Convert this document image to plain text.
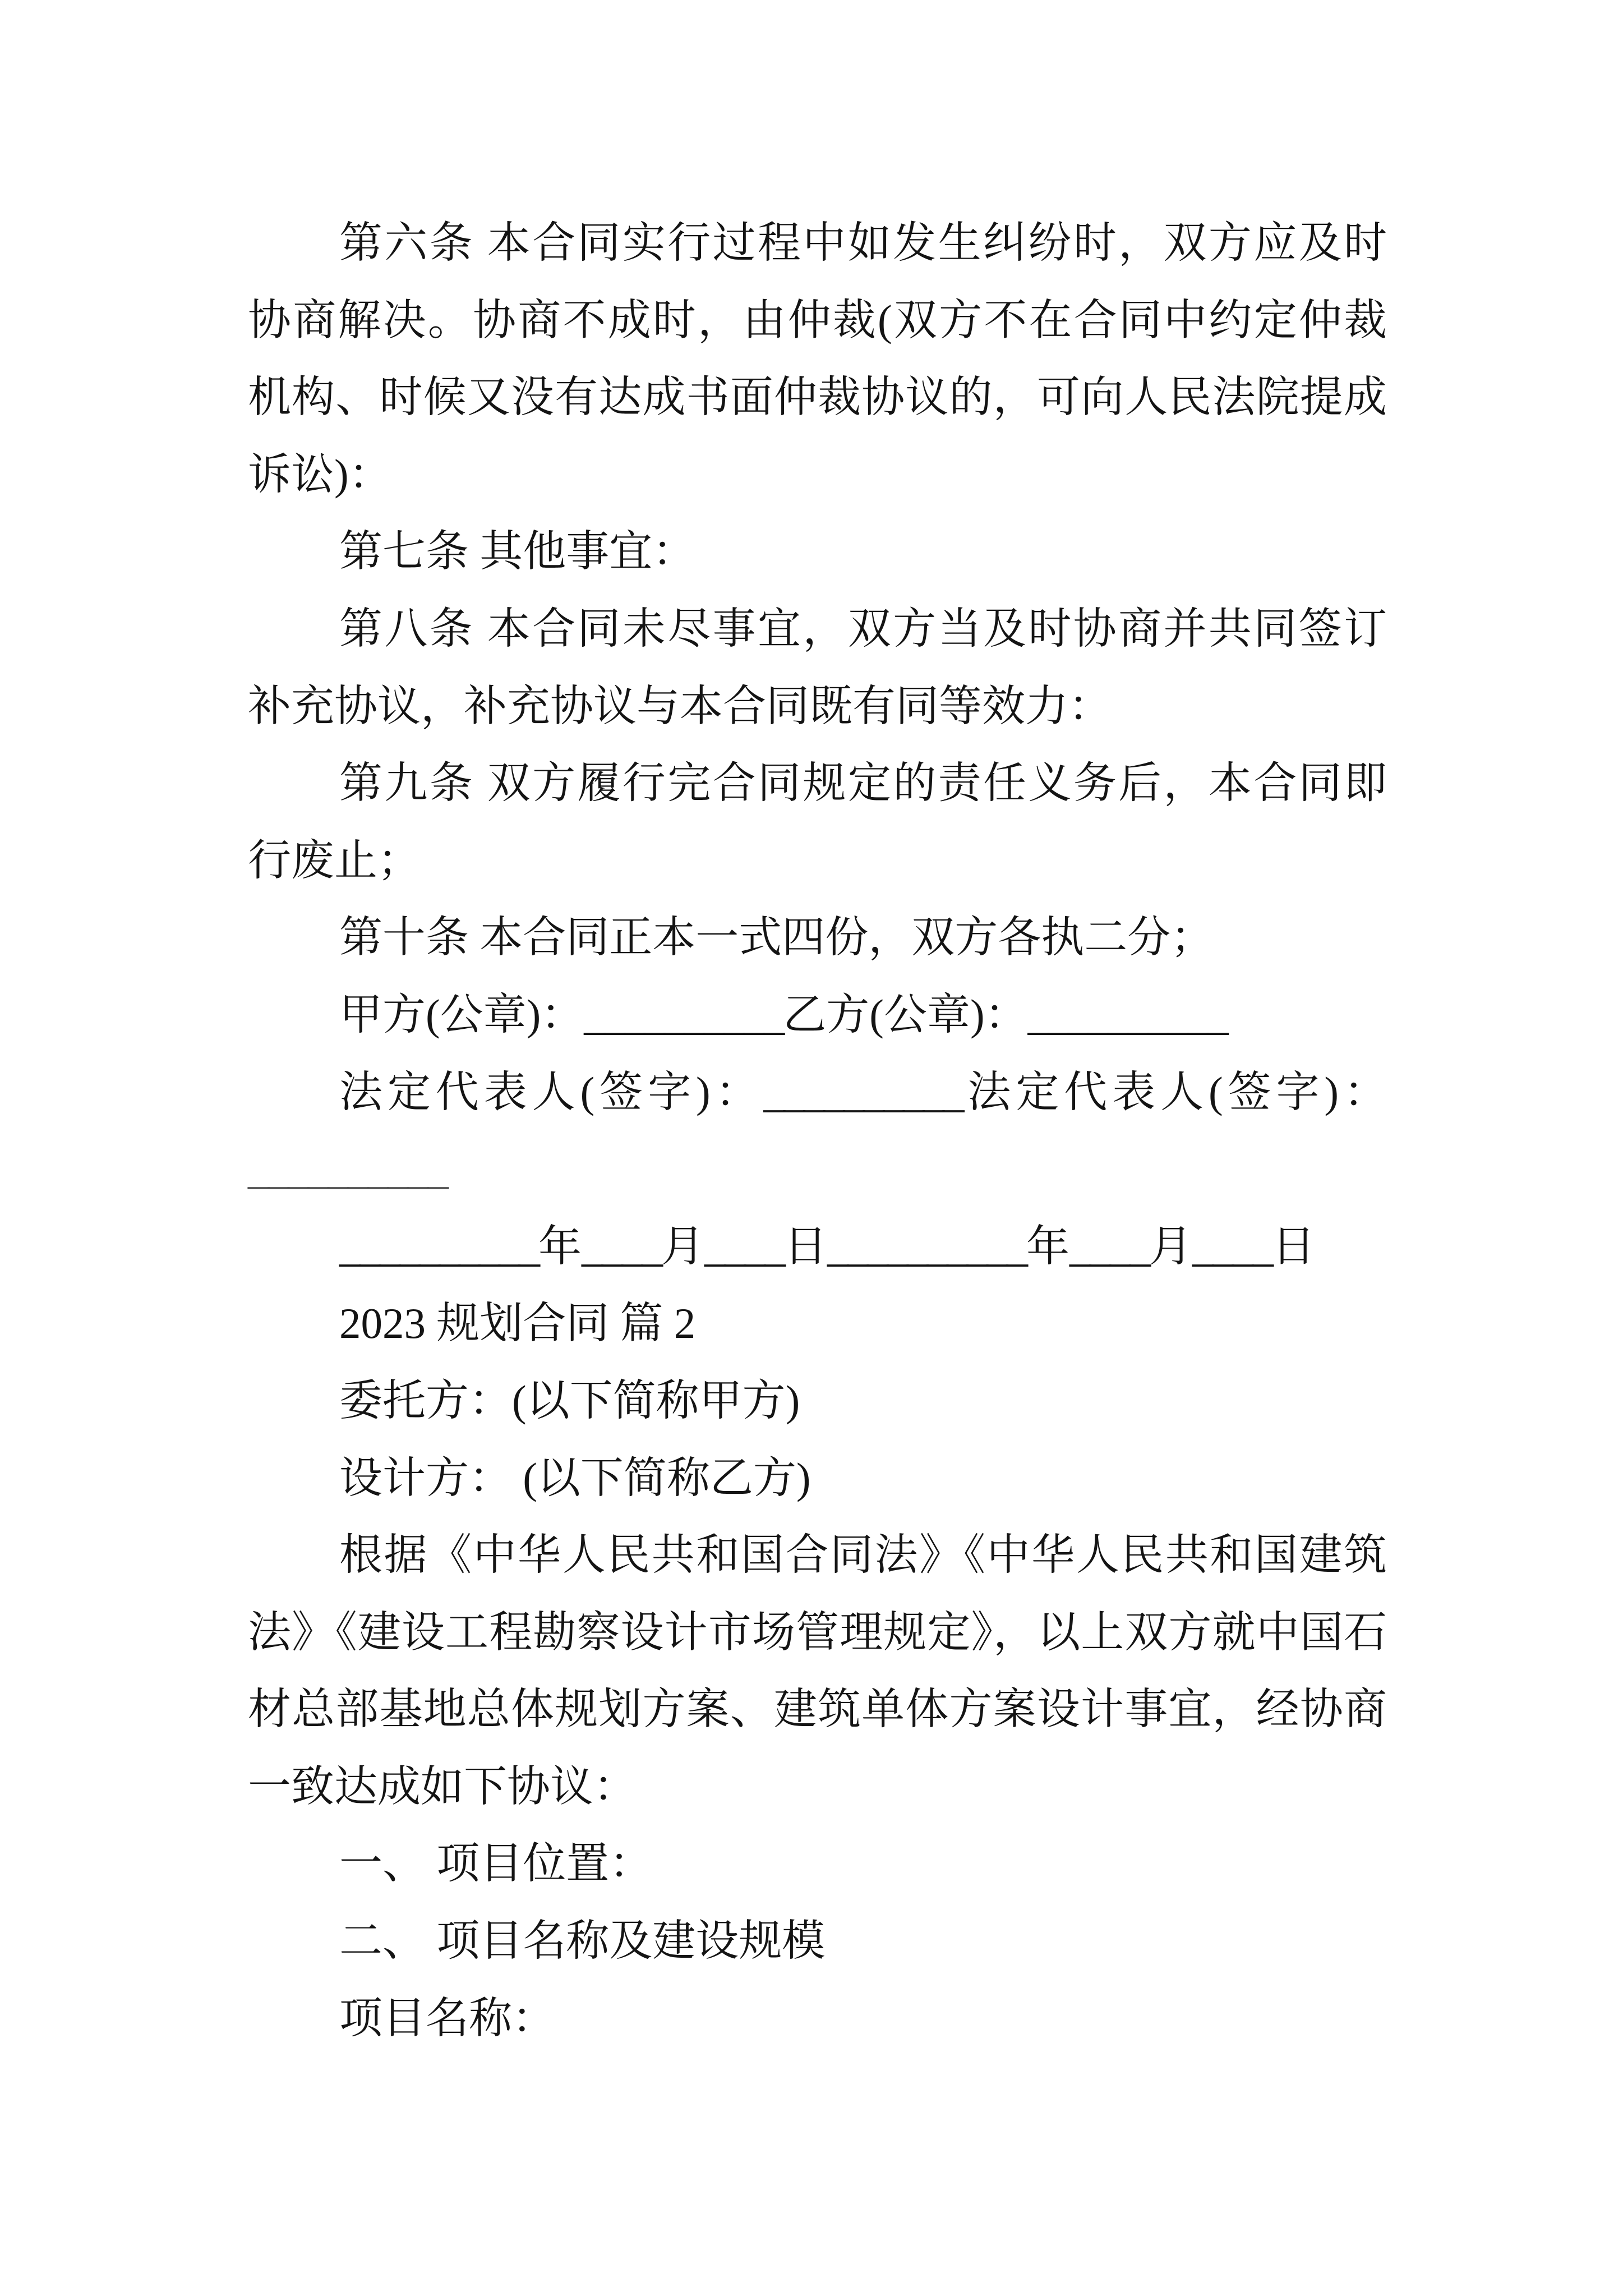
第六条 本合同实行过程中如发生纠纷时，双方应及时
协商解决。协商不成时，由仲裁(双方不在合同中约定仲裁
机构、时候又没有达成书面仲裁协议的，可向人民法院提成
诉讼)：
第七条 其他事宜：
第八条 本合同未尽事宜，双方当及时协商并共同签订
补充协议，补充协议与本合同既有同等效力：
第九条 双方履行完合同规定的责任义务后，本合同即
行废止；
第十条 本合同正本一式四份，双方各执二分；
甲方(公章)：__________乙方(公章)：__________
法定代表人(签字)：__________法定代表人(签字)：
__________
__________年____月____日__________年____月____日
2023 规划合同 篇 2
委托方：(以下简称甲方)
设计方： (以下简称乙方)
根据《中华人民共和国合同法》《中华人民共和国建筑
法》《建设工程勘察设计市场管理规定》，以上双方就中国石
材总部基地总体规划方案、建筑单体方案设计事宜，经协商
一致达成如下协议：
一、 项目位置：
二、 项目名称及建设规模
项目名称：
